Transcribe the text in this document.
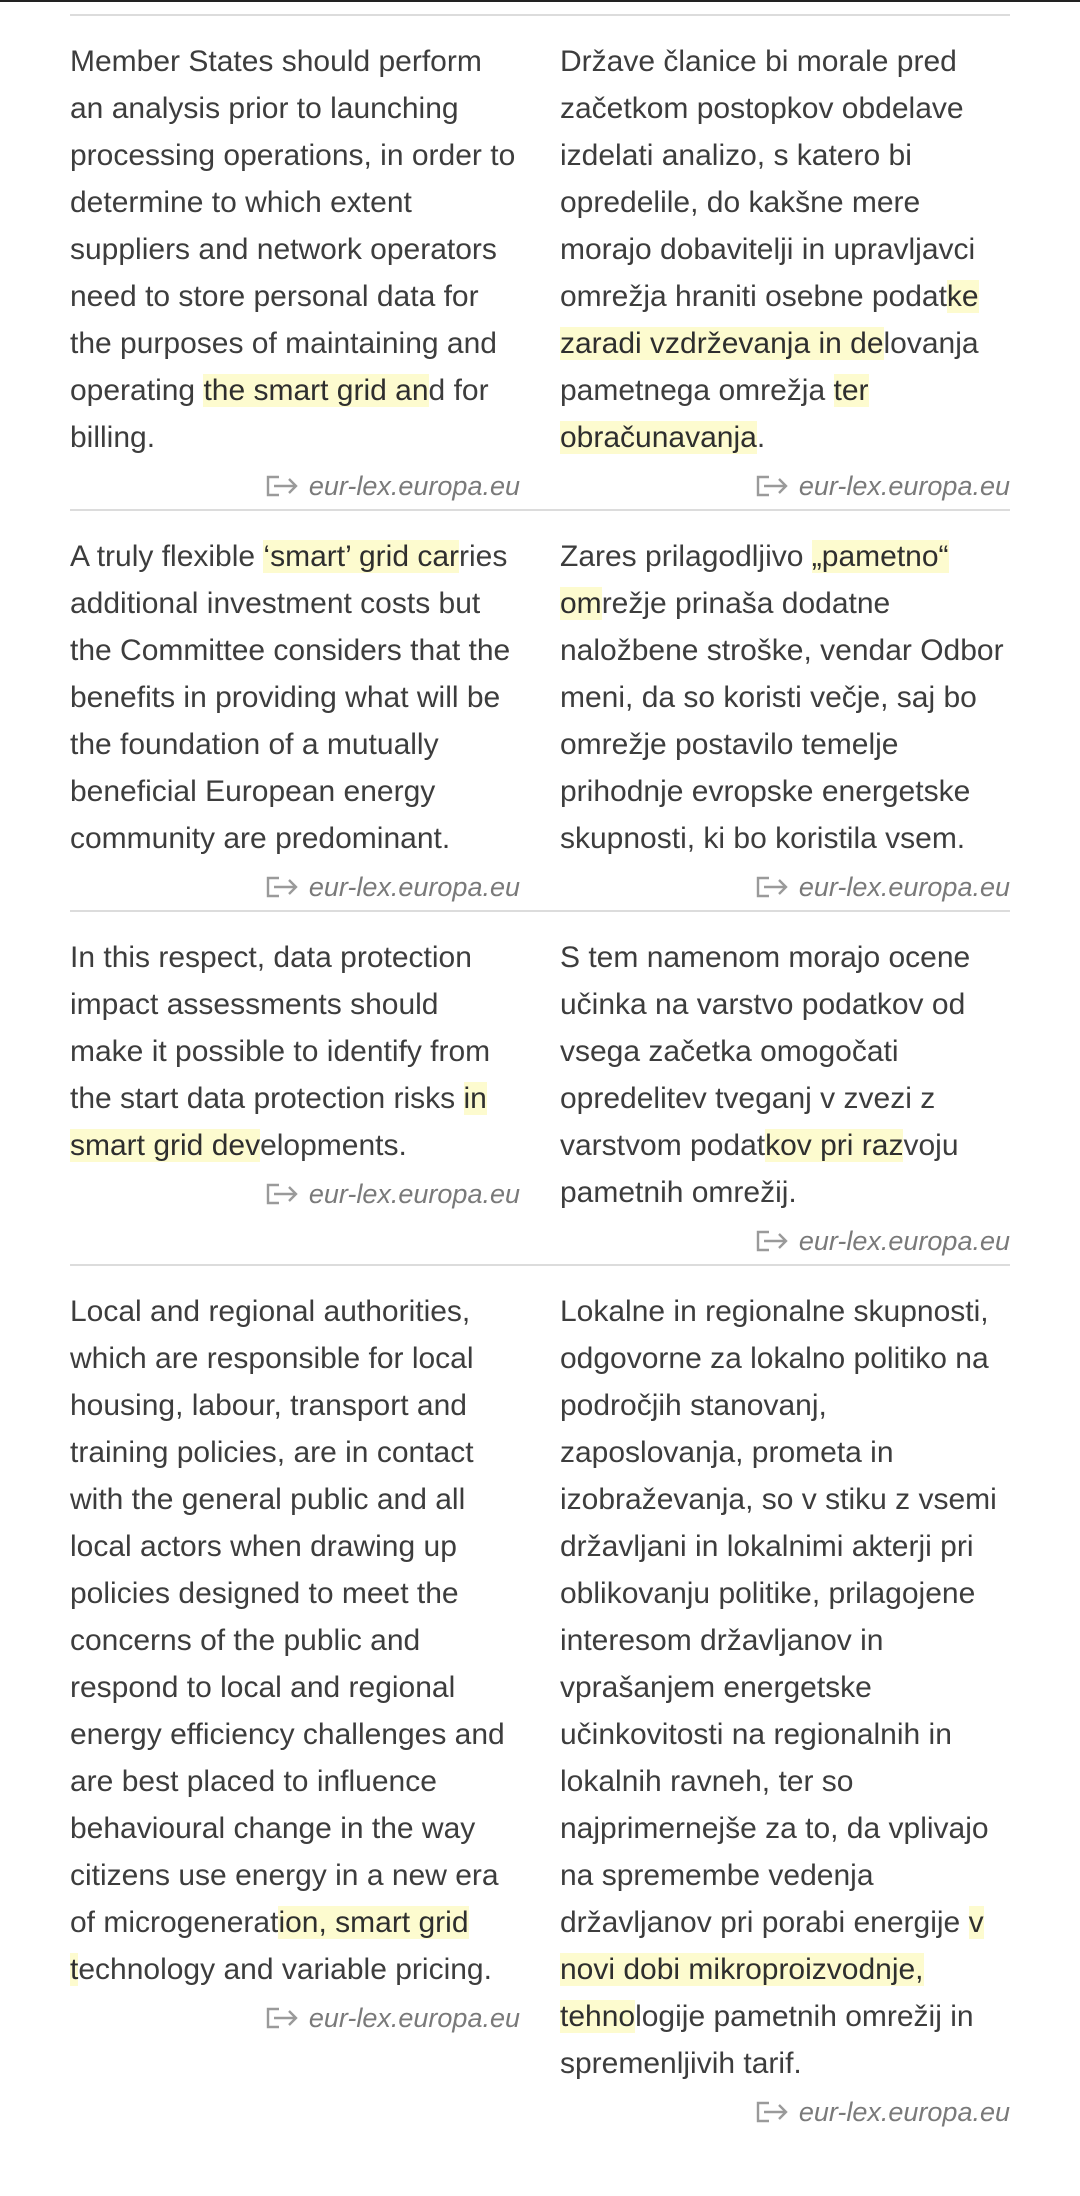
Member States should perform an analysis prior to launching processing operations, in order to determine to which extent suppliers and network operators need to store personal data for the purposes of maintaining and operating the smart grid and for billing.

eur-lex.europa.eu

Države članice bi morale pred začetkom postopkov obdelave izdelati analizo, s katero bi opredelile, do kakšne mere morajo dobavitelji in upravljavci omrežja hraniti osebne podatke zaradi vzdrževanja in delovanja pametnega omrežja ter obračunavanja.

eur-lex.europa.eu

A truly flexible ‘smart’ grid carries additional investment costs but the Committee considers that the benefits in providing what will be the foundation of a mutually beneficial European energy community are predominant.

eur-lex.europa.eu

Zares prilagodljivo „pametno“ omrežje prinaša dodatne naložbene stroške, vendar Odbor meni, da so koristi večje, saj bo omrežje postavilo temelje prihodnje evropske energetske skupnosti, ki bo koristila vsem.

eur-lex.europa.eu

In this respect, data protection impact assessments should make it possible to identify from the start data protection risks in smart grid developments.

eur-lex.europa.eu

S tem namenom morajo ocene učinka na varstvo podatkov od vsega začetka omogočati opredelitev tveganj v zvezi z varstvom podatkov pri razvoju pametnih omrežij.

eur-lex.europa.eu

Local and regional authorities, which are responsible for local housing, labour, transport and training policies, are in contact with the general public and all local actors when drawing up policies designed to meet the concerns of the public and respond to local and regional energy efficiency challenges and are best placed to influence behavioural change in the way citizens use energy in a new era of microgeneration, smart grid technology and variable pricing.

eur-lex.europa.eu

Lokalne in regionalne skupnosti, odgovorne za lokalno politiko na področjih stanovanj, zaposlovanja, prometa in izobraževanja, so v stiku z vsemi državljani in lokalnimi akterji pri oblikovanju politike, prilagojene interesom državljanov in vprašanjem energetske učinkovitosti na regionalnih in lokalnih ravneh, ter so najprimernejše za to, da vplivajo na spremembe vedenja državljanov pri porabi energije v novi dobi mikroproizvodnje, tehnologije pametnih omrežij in spremenljivih tarif.

eur-lex.europa.eu
